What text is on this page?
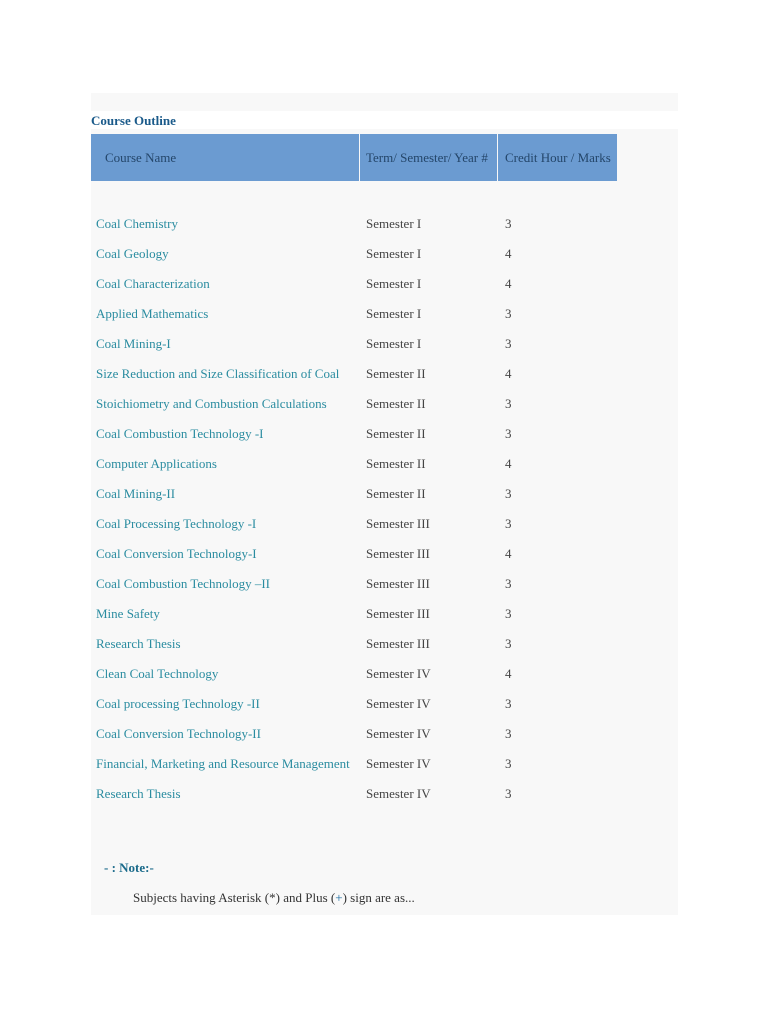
Course Outline
Course Name	Term/ Semester/ Year #	Credit Hour / Marks
Coal Chemistry	Semester I	3
Coal Geology	Semester I	4
Coal Characterization	Semester I	4
Applied Mathematics	Semester I	3
Coal Mining-I	Semester I	3
Size Reduction and Size Classification of Coal	Semester II	4
Stoichiometry and Combustion Calculations	Semester II	3
Coal Combustion Technology -I	Semester II	3
Computer Applications	Semester II	4
Coal Mining-II	Semester II	3
Coal Processing Technology -I	Semester III	3
Coal Conversion Technology-I	Semester III	4
Coal Combustion Technology –II	Semester III	3
Mine Safety	Semester III	3
Research Thesis	Semester III	3
Clean Coal Technology	Semester IV	4
Coal processing Technology -II	Semester IV	3
Coal Conversion Technology-II	Semester IV	3
Financial, Marketing and Resource Management	Semester IV	3
Research Thesis	Semester IV	3
- : Note:-
Subjects having Asterisk (*) and Plus (+) sign are as...
